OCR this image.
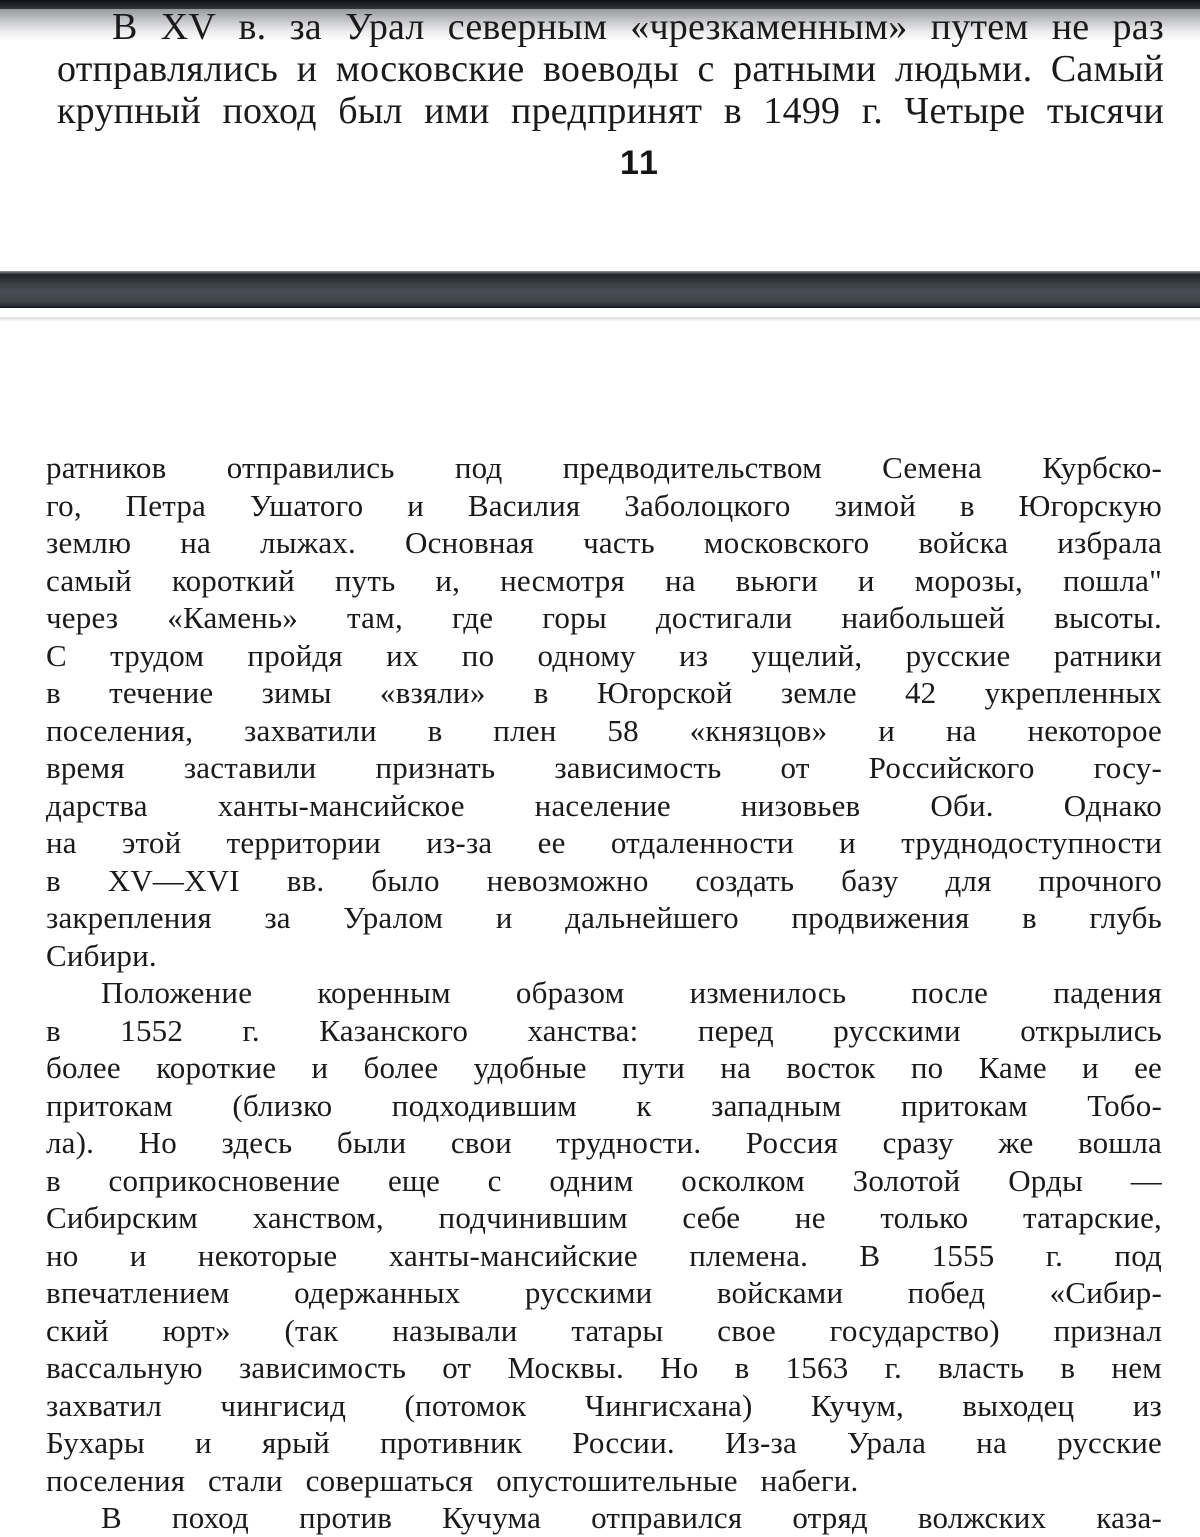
В XV в. за Урал северным «чрезкаменным» путем не раз
отправлялись и московские воеводы с ратными людьми. Самый
крупный поход был ими предпринят в 1499 г. Четыре тысячи
11
ратников отправились под предводительством Семена Курбско-
го, Петра Ушатого и Василия Заболоцкого зимой в Югорскую
землю на лыжах. Основная часть московского войска избрала
самый короткий путь и, несмотря на вьюги и морозы, пошла"
через «Камень» там, где горы достигали наибольшей высоты.
С трудом пройдя их по одному из ущелий, русские ратники
в течение зимы «взяли» в Югорской земле 42 укрепленных
поселения, захватили в плен 58 «князцов» и на некоторое
время заставили признать зависимость от Российского госу-
дарства ханты-мансийское население низовьев Оби. Однако
на этой территории из-за ее отдаленности и труднодоступности
в XV—XVI вв. было невозможно создать базу для прочного
закрепления за Уралом и дальнейшего продвижения в глубь
Сибири.
Положение коренным образом изменилось после падения
в 1552 г. Казанского ханства: перед русскими открылись
более короткие и более удобные пути на восток по Каме и ее
притокам (близко подходившим к западным притокам Тобо-
ла). Но здесь были свои трудности. Россия сразу же вошла
в соприкосновение еще с одним осколком Золотой Орды —
Сибирским ханством, подчинившим себе не только татарские,
но и некоторые ханты-мансийские племена. В 1555 г. под
впечатлением одержанных русскими войсками побед «Сибир-
ский юрт» (так называли татары свое государство) признал
вассальную зависимость от Москвы. Но в 1563 г. власть в нем
захватил чингисид (потомок Чингисхана) Кучум, выходец из
Бухары и ярый противник России. Из-за Урала на русские
поселения стали совершаться опустошительные набеги.
В поход против Кучума отправился отряд волжских каза-
